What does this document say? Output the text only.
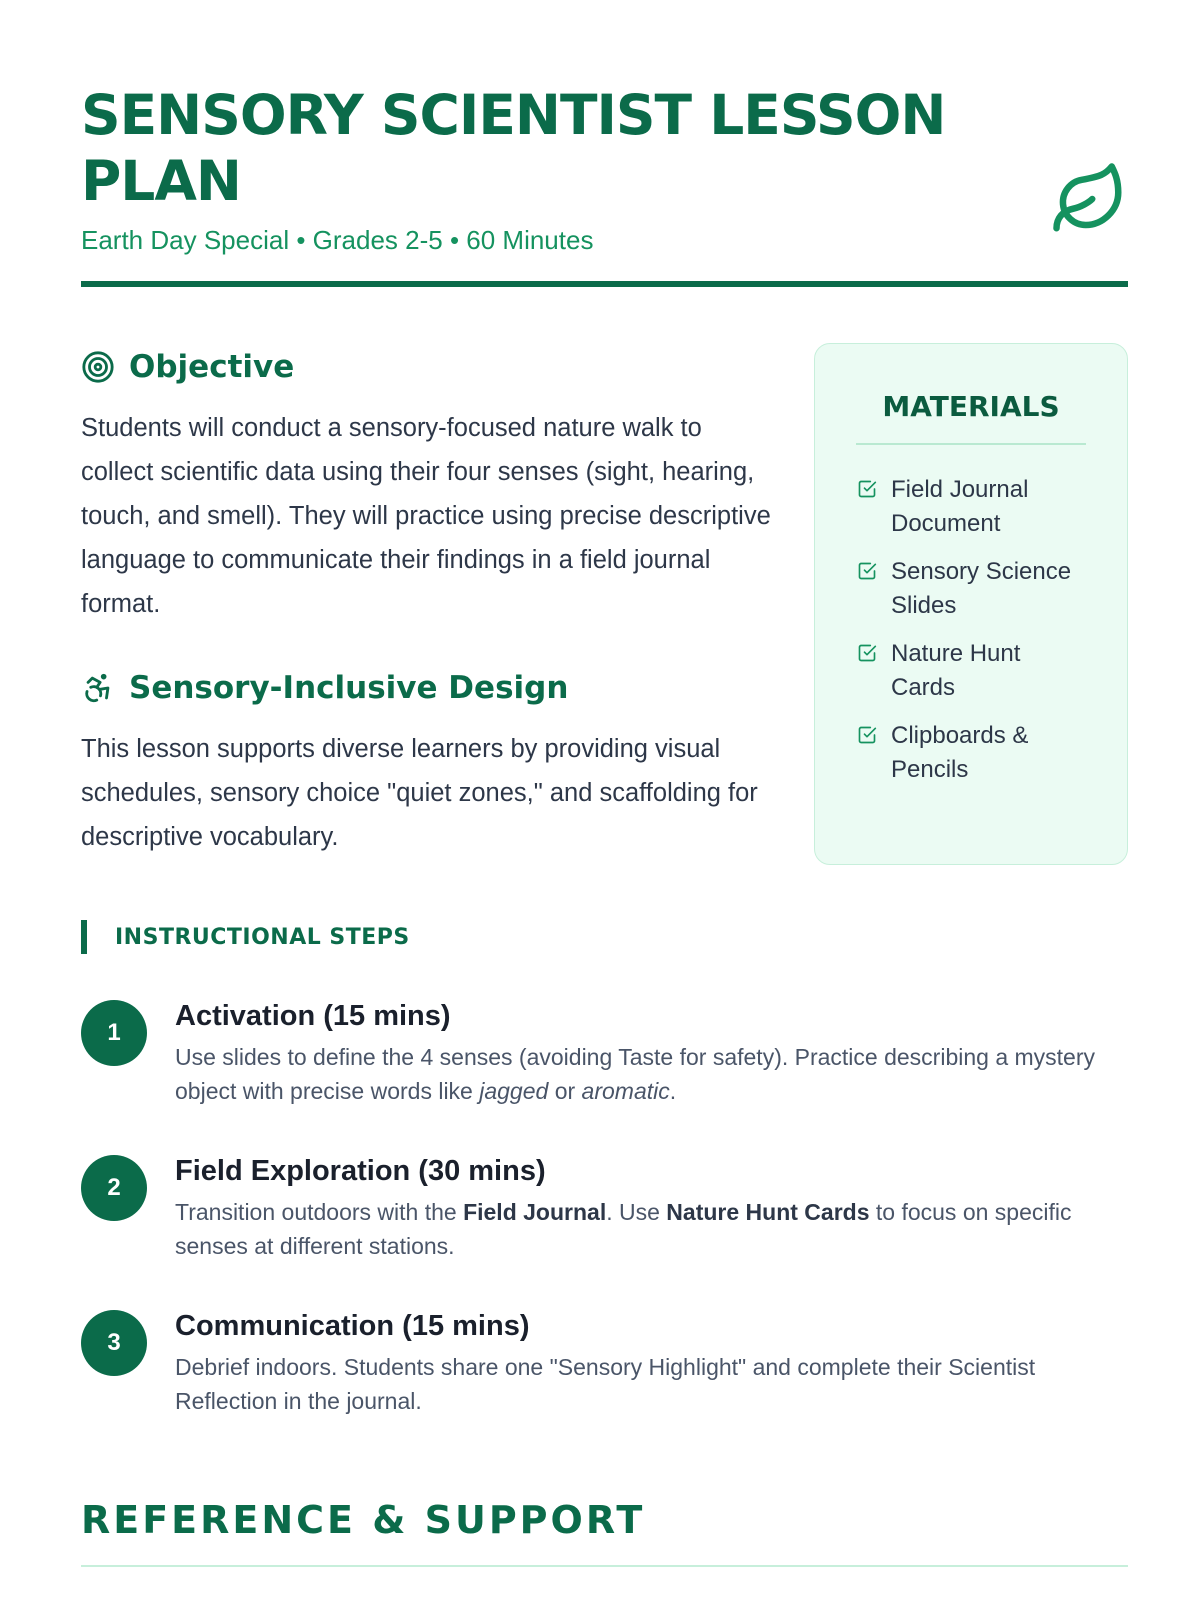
SENSORY SCIENTIST LESSON PLAN
Earth Day Special • Grades 2-5 • 60 Minutes
Objective
Students will conduct a sensory-focused nature walk to collect scientific data using their four senses (sight, hearing, touch, and smell). They will practice using precise descriptive language to communicate their findings in a field journal format.
Sensory-Inclusive Design
This lesson supports diverse learners by providing visual schedules, sensory choice "quiet zones," and scaffolding for descriptive vocabulary.
MATERIALS
Field Journal Document
Sensory Science Slides
Nature Hunt Cards
Clipboards & Pencils
INSTRUCTIONAL STEPS
1
Activation (15 mins)
Use slides to define the 4 senses (avoiding Taste for safety). Practice describing a mystery object with precise words like jagged or aromatic.
2
Field Exploration (30 mins)
Transition outdoors with the Field Journal. Use Nature Hunt Cards to focus on specific senses at different stations.
3
Communication (15 mins)
Debrief indoors. Students share one "Sensory Highlight" and complete their Scientist Reflection in the journal.
REFERENCE & SUPPORT
